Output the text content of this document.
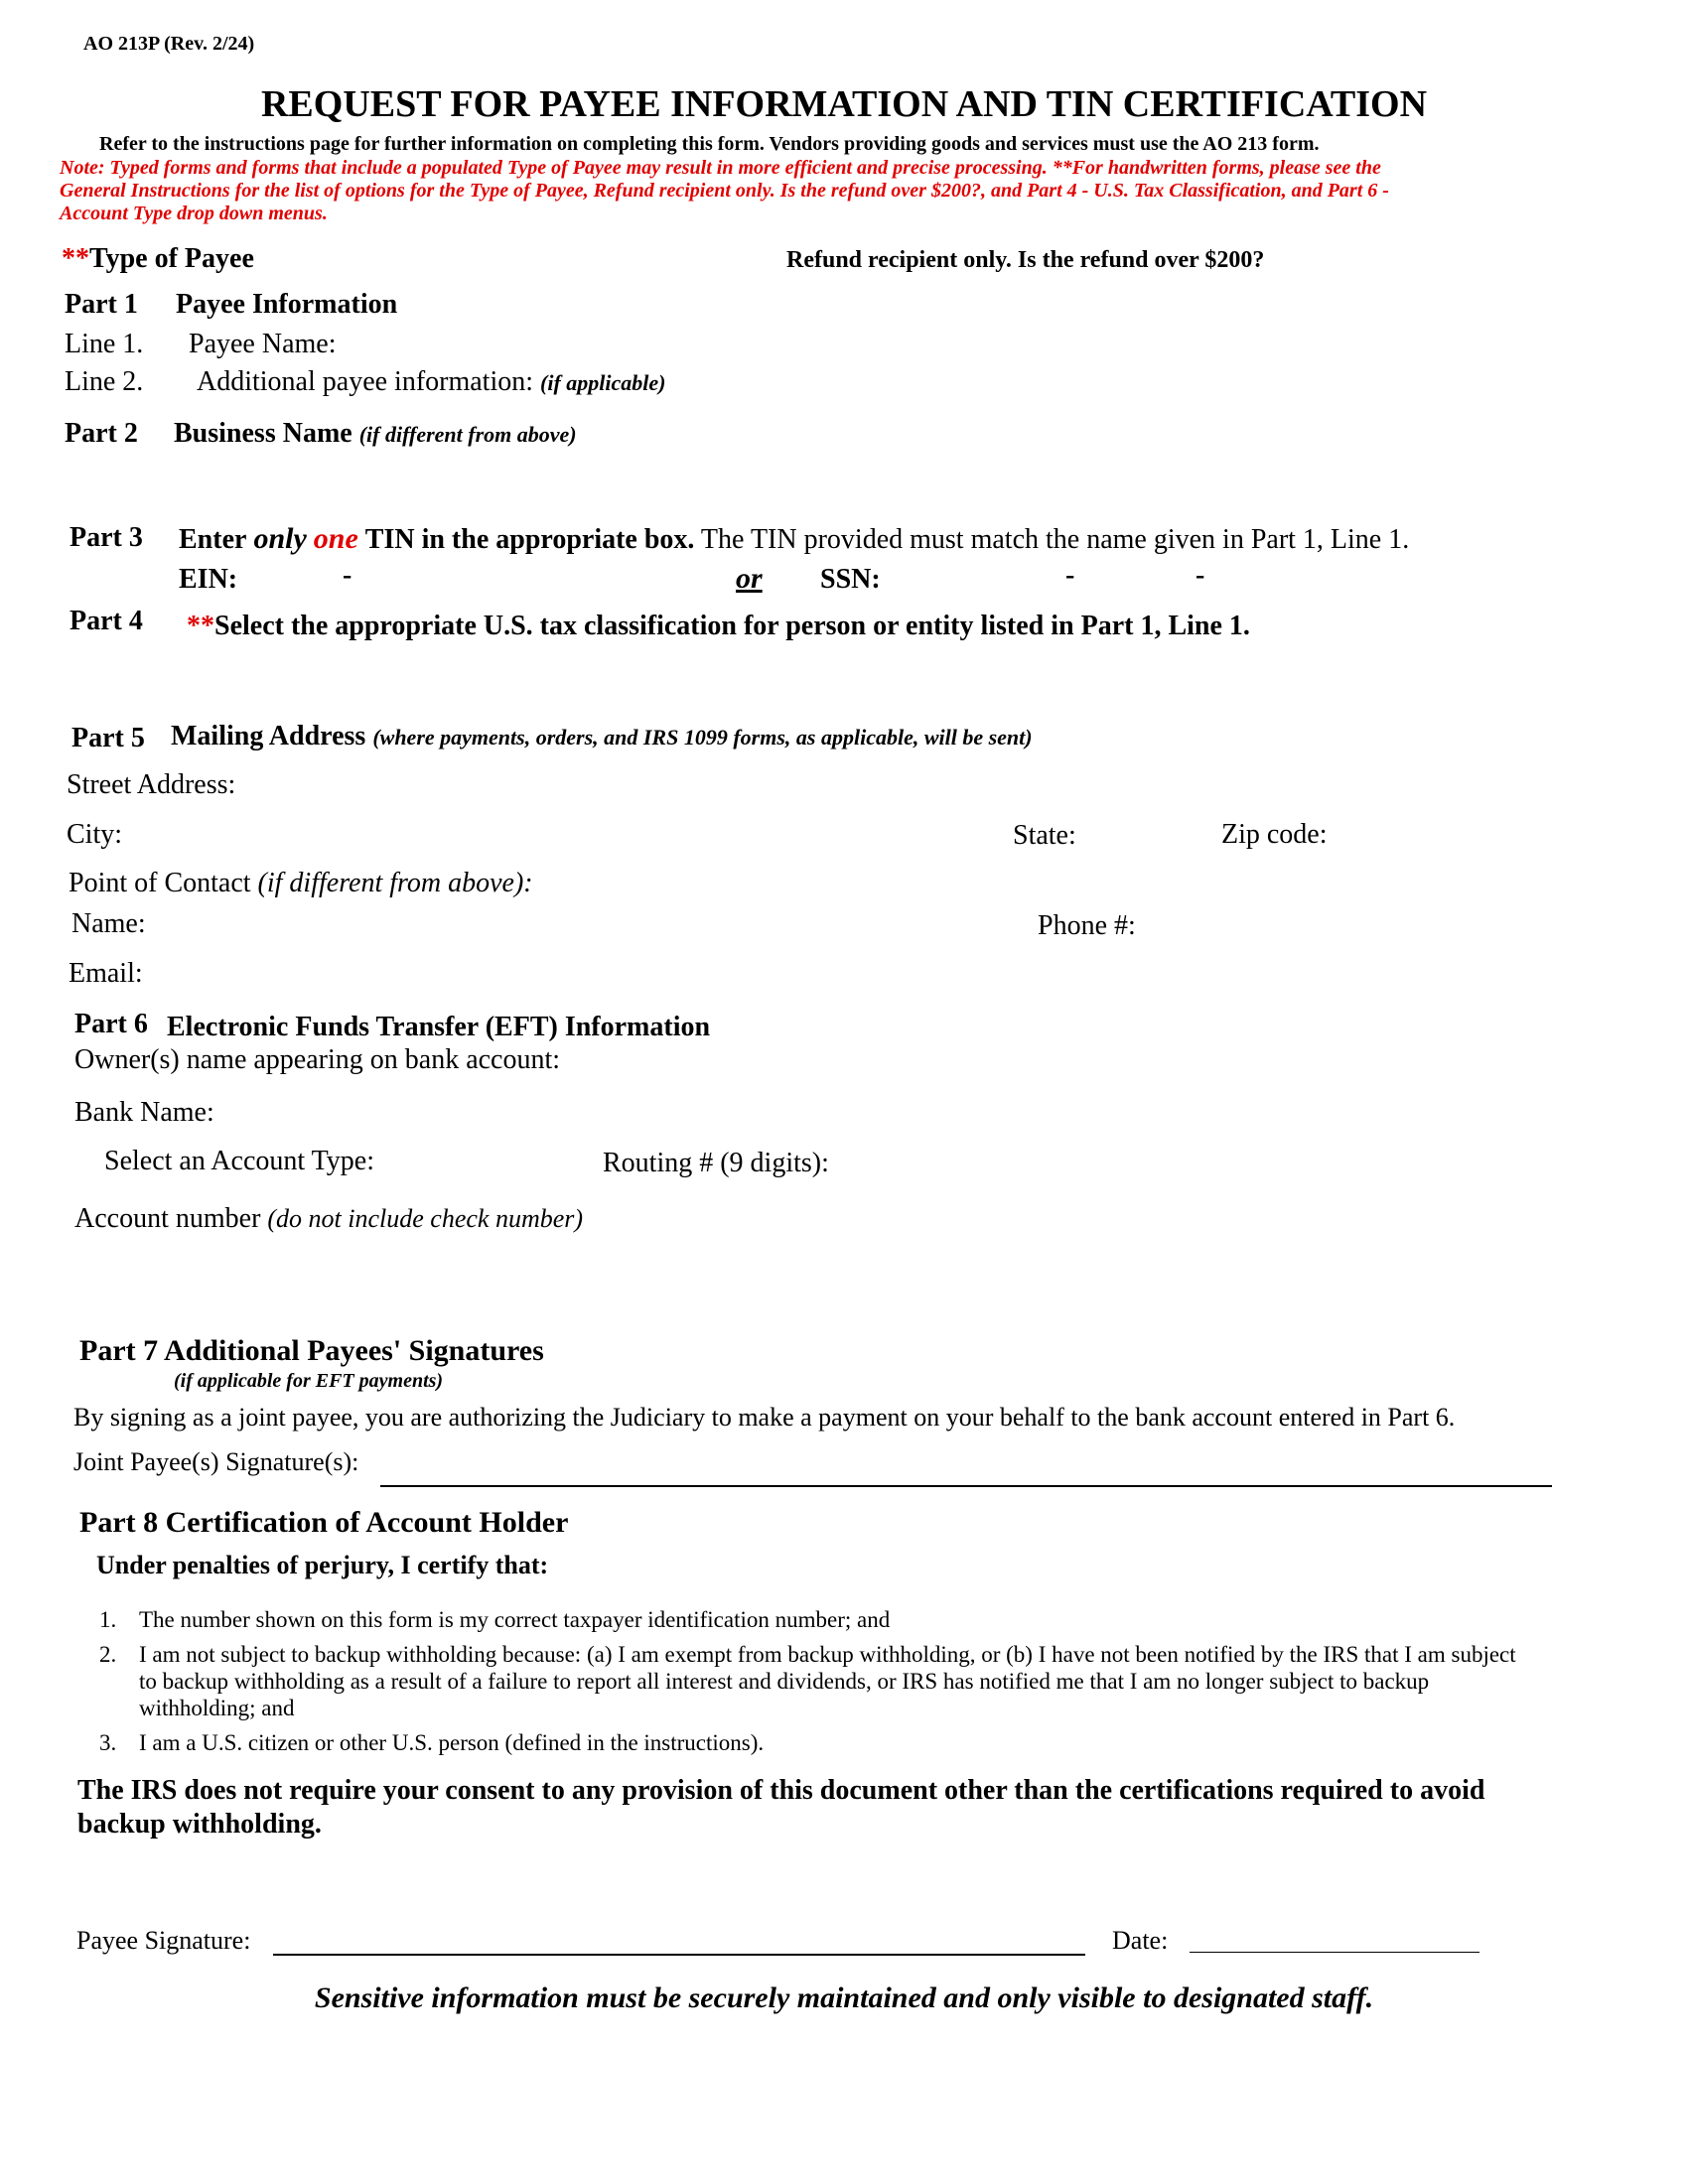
AO 213P (Rev. 2/24)
REQUEST FOR PAYEE INFORMATION AND TIN CERTIFICATION
Refer to the instructions page for further information on completing this form. Vendors providing goods and services must use the AO 213 form.
Note: Typed forms and forms that include a populated Type of Payee may result in more efficient and precise processing. **For handwritten forms, please see the
General Instructions for the list of options for the Type of Payee, Refund recipient only. Is the refund over $200?, and Part 4 - U.S. Tax Classification, and Part 6 -
Account Type drop down menus.
**Type of Payee	Refund recipient only. Is the refund over $200?
Part 1 Payee Information
Line 1. Payee Name:
Line 2. Additional payee information: (if applicable)
Part 2 Business Name (if different from above)
Part 3 Enter only one TIN in the appropriate box. The TIN provided must match the name given in Part 1, Line 1.
EIN:	-	or SSN:	-	-
Part 4 **Select the appropriate U.S. tax classification for person or entity listed in Part 1, Line 1.
Part 5 Mailing Address (where payments, orders, and IRS 1099 forms, as applicable, will be sent)
Street Address:
City:	State:	Zip code:
Point of Contact (if different from above):
Name:	Phone #:
Email:
Part 6 Electronic Funds Transfer (EFT) Information
Owner(s) name appearing on bank account:
Bank Name:
Select an Account Type:	Routing # (9 digits):
Account number (do not include check number)
Part 7 Additional Payees' Signatures
(if applicable for EFT payments)
By signing as a joint payee, you are authorizing the Judiciary to make a payment on your behalf to the bank account entered in Part 6.
Joint Payee(s) Signature(s):
Part 8 Certification of Account Holder
Under penalties of perjury, I certify that:
1. The number shown on this form is my correct taxpayer identification number; and
2. I am not subject to backup withholding because: (a) I am exempt from backup withholding, or (b) I have not been notified by the IRS that I am subject to backup withholding as a result of a failure to report all interest and dividends, or IRS has notified me that I am no longer subject to backup withholding; and
3. I am a U.S. citizen or other U.S. person (defined in the instructions).
The IRS does not require your consent to any provision of this document other than the certifications required to avoid backup withholding.
Payee Signature:	Date:
Sensitive information must be securely maintained and only visible to designated staff.
